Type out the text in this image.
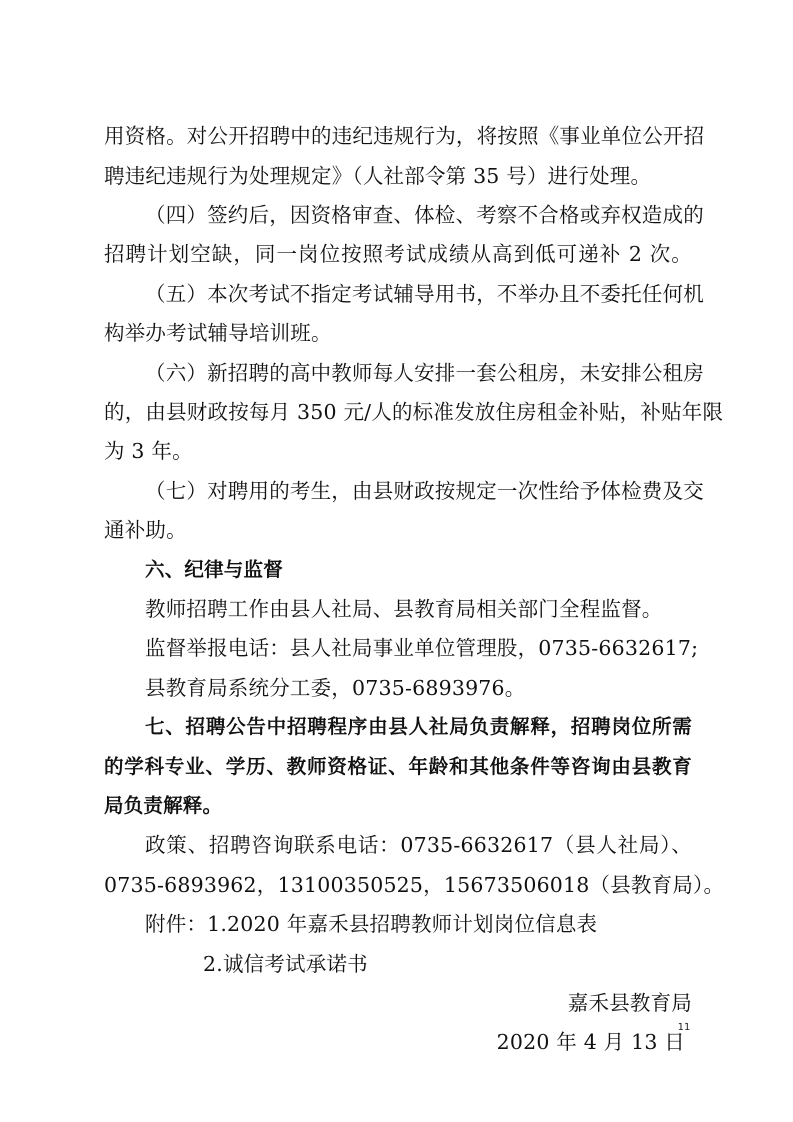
用资格。对公开招聘中的违纪违规行为，将按照《事业单位公开招
聘违纪违规行为处理规定》（人社部令第 35 号）进行处理。
（四）签约后，因资格审查、体检、考察不合格或弃权造成的
招聘计划空缺，同一岗位按照考试成绩从高到低可递补 2 次。
（五）本次考试不指定考试辅导用书，不举办且不委托任何机
构举办考试辅导培训班。
（六）新招聘的高中教师每人安排一套公租房，未安排公租房
的，由县财政按每月 350 元/人的标准发放住房租金补贴，补贴年限
为 3 年。
（七）对聘用的考生，由县财政按规定一次性给予体检费及交
通补助。
六、纪律与监督
教师招聘工作由县人社局、县教育局相关部门全程监督。
监督举报电话：县人社局事业单位管理股，0735-6632617;
县教育局系统分工委，0735-6893976。
七、招聘公告中招聘程序由县人社局负责解释，招聘岗位所需
的学科专业、学历、教师资格证、年龄和其他条件等咨询由县教育
局负责解释。
政策、招聘咨询联系电话：0735-6632617（县人社局）、
0735-6893962，13100350525，15673506018（县教育局）。
附件：1.2020 年嘉禾县招聘教师计划岗位信息表
2.诚信考试承诺书
嘉禾县教育局
2020 年 4 月 13 日
11
